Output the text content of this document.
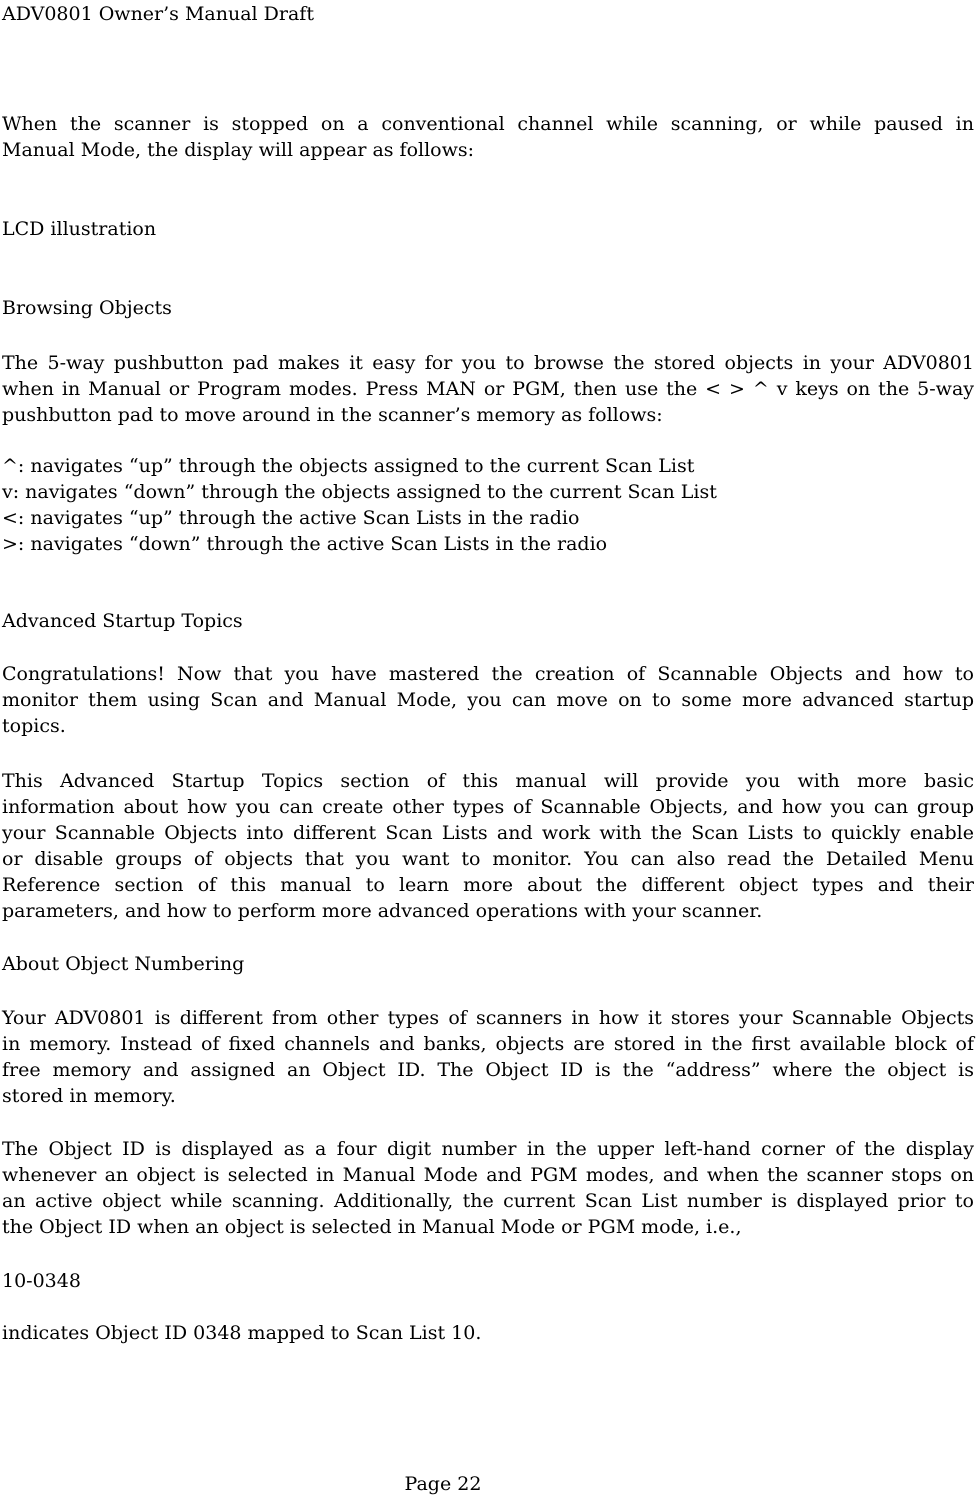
ADV0801 Owner’s Manual Draft
When the scanner is stopped on a conventional channel while scanning, or while paused in
Manual Mode, the display will appear as follows:
LCD illustration
Browsing Objects
The 5-way pushbutton pad makes it easy for you to browse the stored objects in your ADV0801
when in Manual or Program modes. Press MAN or PGM, then use the < > ^ v keys on the 5-way
pushbutton pad to move around in the scanner’s memory as follows:
^: navigates “up” through the objects assigned to the current Scan List
v: navigates “down” through the objects assigned to the current Scan List
<: navigates “up” through the active Scan Lists in the radio
>: navigates “down” through the active Scan Lists in the radio
Advanced Startup Topics
Congratulations! Now that you have mastered the creation of Scannable Objects and how to
monitor them using Scan and Manual Mode, you can move on to some more advanced startup
topics.
This Advanced Startup Topics section of this manual will provide you with more basic
information about how you can create other types of Scannable Objects, and how you can group
your Scannable Objects into different Scan Lists and work with the Scan Lists to quickly enable
or disable groups of objects that you want to monitor. You can also read the Detailed Menu
Reference section of this manual to learn more about the different object types and their
parameters, and how to perform more advanced operations with your scanner.
About Object Numbering
Your ADV0801 is different from other types of scanners in how it stores your Scannable Objects
in memory. Instead of fixed channels and banks, objects are stored in the first available block of
free memory and assigned an Object ID. The Object ID is the “address” where the object is
stored in memory.
The Object ID is displayed as a four digit number in the upper left-hand corner of the display
whenever an object is selected in Manual Mode and PGM modes, and when the scanner stops on
an active object while scanning. Additionally, the current Scan List number is displayed prior to
the Object ID when an object is selected in Manual Mode or PGM mode, i.e.,
10-0348
indicates Object ID 0348 mapped to Scan List 10.
Page 22
